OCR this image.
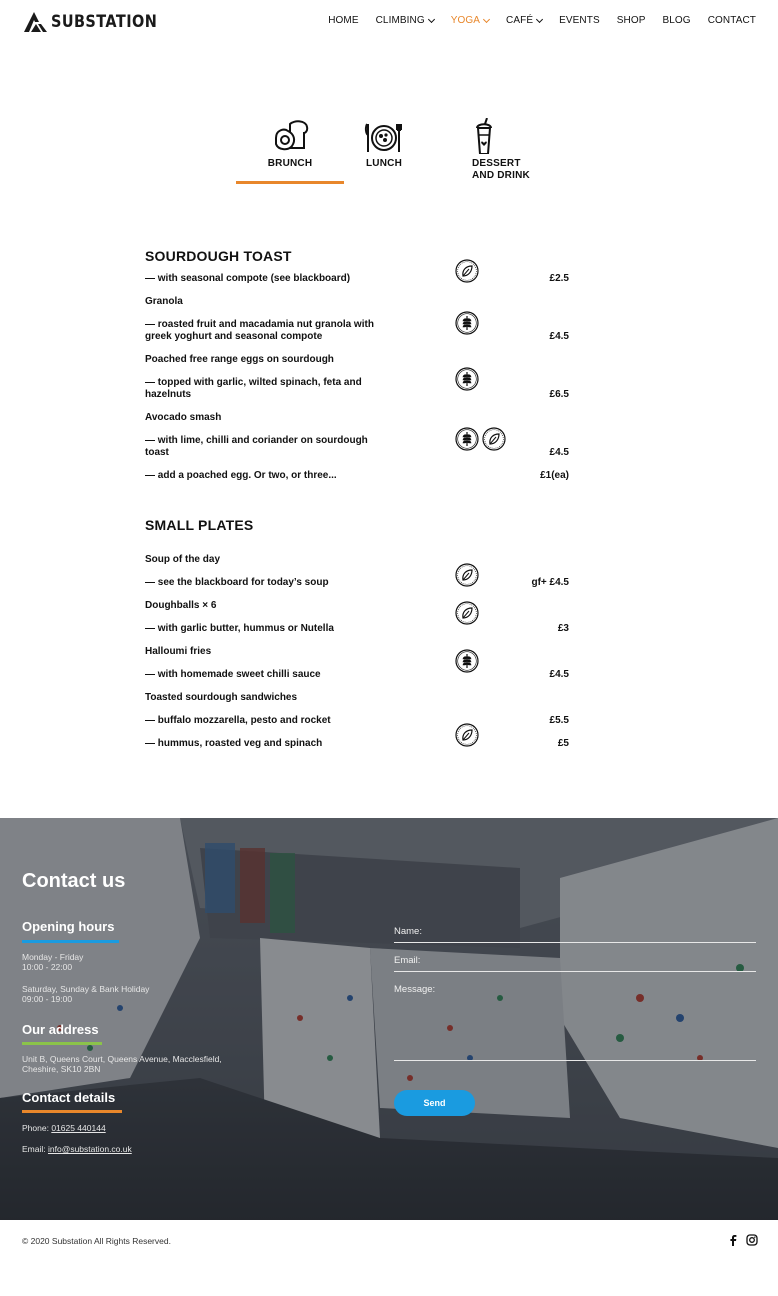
SUBSTATION	HOME CLIMBING	YOGA	CAFÉ	EVENTS SHOP BLOG CONTACT
BRUNCH	LUNCH	DESSERT
AND DRINK
SOURDOUGH TOAST
SMALL PLATES
— with seasonal compote (see blackboard)	£2.5
Granola
— roasted fruit and macadamia nut granola with greek yoghurt and seasonal compote	£4.5
Poached free range eggs on sourdough
— topped with garlic, wilted spinach, feta and hazelnuts	£6.5
Avocado smash
— with lime, chilli and coriander on sourdough toast	£4.5
— add a poached egg. Or two, or three...	£1(ea)
Soup of the day
— see the blackboard for today’s soup	gf+ £4.5
Doughballs × 6
— with garlic butter, hummus or Nutella	£3
Halloumi fries
— with homemade sweet chilli sauce	£4.5
Toasted sourdough sandwiches
— buffalo mozzarella, pesto and rocket	£5.5
— hummus, roasted veg and spinach	£5
Contact us
Opening hours
Monday - Friday
10:00 - 22:00
Saturday, Sunday & Bank Holiday
09:00 - 19:00
Our address
Unit B, Queens Court, Queens Avenue, Macclesfield,
Cheshire, SK10 2BN
Contact details
Phone: 01625 440144
Email: info@substation.co.uk
Name:
Email:
Message:
Send
© 2020 Substation All Rights Reserved.
